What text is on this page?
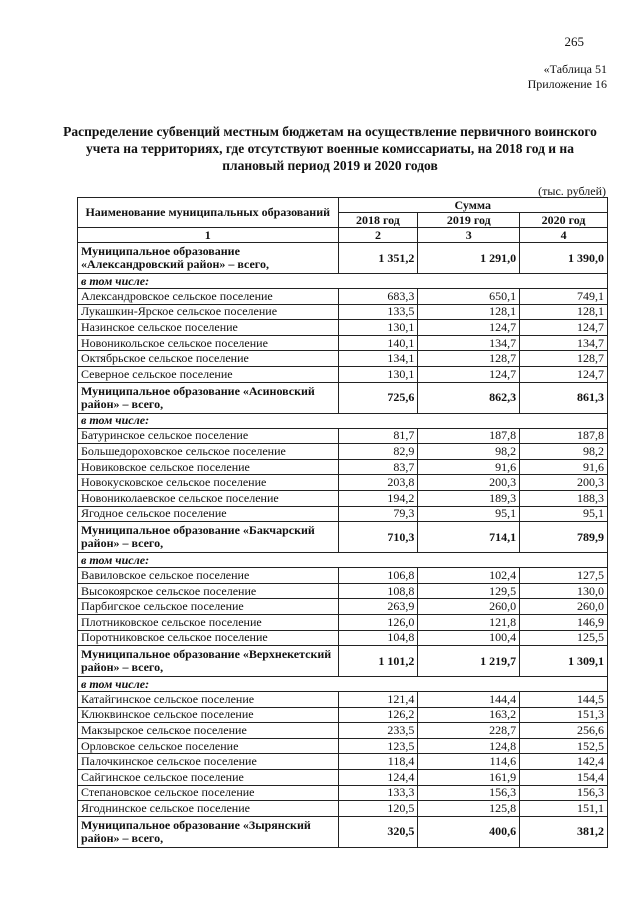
265
«Таблица 51
Приложение 16
Распределение субвенций местным бюджетам на осуществление первичного воинского учета на территориях, где отсутствуют военные комиссариаты, на 2018 год и на плановый период 2019 и 2020 годов
(тыс. рублей)
Наименование муниципальных образований	Сумма		
	2018 год	2019 год	2020 год
1	2	3	4
Муниципальное образование «Александровский район» – всего,	1 351,2	1 291,0	1 390,0
в том числе:			
Александровское сельское поселение	683,3	650,1	749,1
Лукашкин-Ярское сельское поселение	133,5	128,1	128,1
Назинское сельское поселение	130,1	124,7	124,7
Новоникольское сельское поселение	140,1	134,7	134,7
Октябрьское сельское поселение	134,1	128,7	128,7
Северное сельское поселение	130,1	124,7	124,7
Муниципальное образование «Асиновский район» – всего,	725,6	862,3	861,3
в том числе:			
Батуринское сельское поселение	81,7	187,8	187,8
Большедороховское сельское поселение	82,9	98,2	98,2
Новиковское сельское поселение	83,7	91,6	91,6
Новокусковское сельское поселение	203,8	200,3	200,3
Новониколаевское сельское поселение	194,2	189,3	188,3
Ягодное сельское поселение	79,3	95,1	95,1
Муниципальное образование «Бакчарский район» – всего,	710,3	714,1	789,9
в том числе:			
Вавиловское сельское поселение	106,8	102,4	127,5
Высокоярское сельское поселение	108,8	129,5	130,0
Парбигское сельское поселение	263,9	260,0	260,0
Плотниковское сельское поселение	126,0	121,8	146,9
Поротниковское сельское поселение	104,8	100,4	125,5
Муниципальное образование «Верхнекетский район» – всего,	1 101,2	1 219,7	1 309,1
в том числе:			
Катайгинское сельское поселение	121,4	144,4	144,5
Клюквинское сельское поселение	126,2	163,2	151,3
Макзырское сельское поселение	233,5	228,7	256,6
Орловское сельское поселение	123,5	124,8	152,5
Палочкинское сельское поселение	118,4	114,6	142,4
Сайгинское сельское поселение	124,4	161,9	154,4
Степановское сельское поселение	133,3	156,3	156,3
Ягоднинское сельское поселение	120,5	125,8	151,1
Муниципальное образование «Зырянский район» – всего,	320,5	400,6	381,2
